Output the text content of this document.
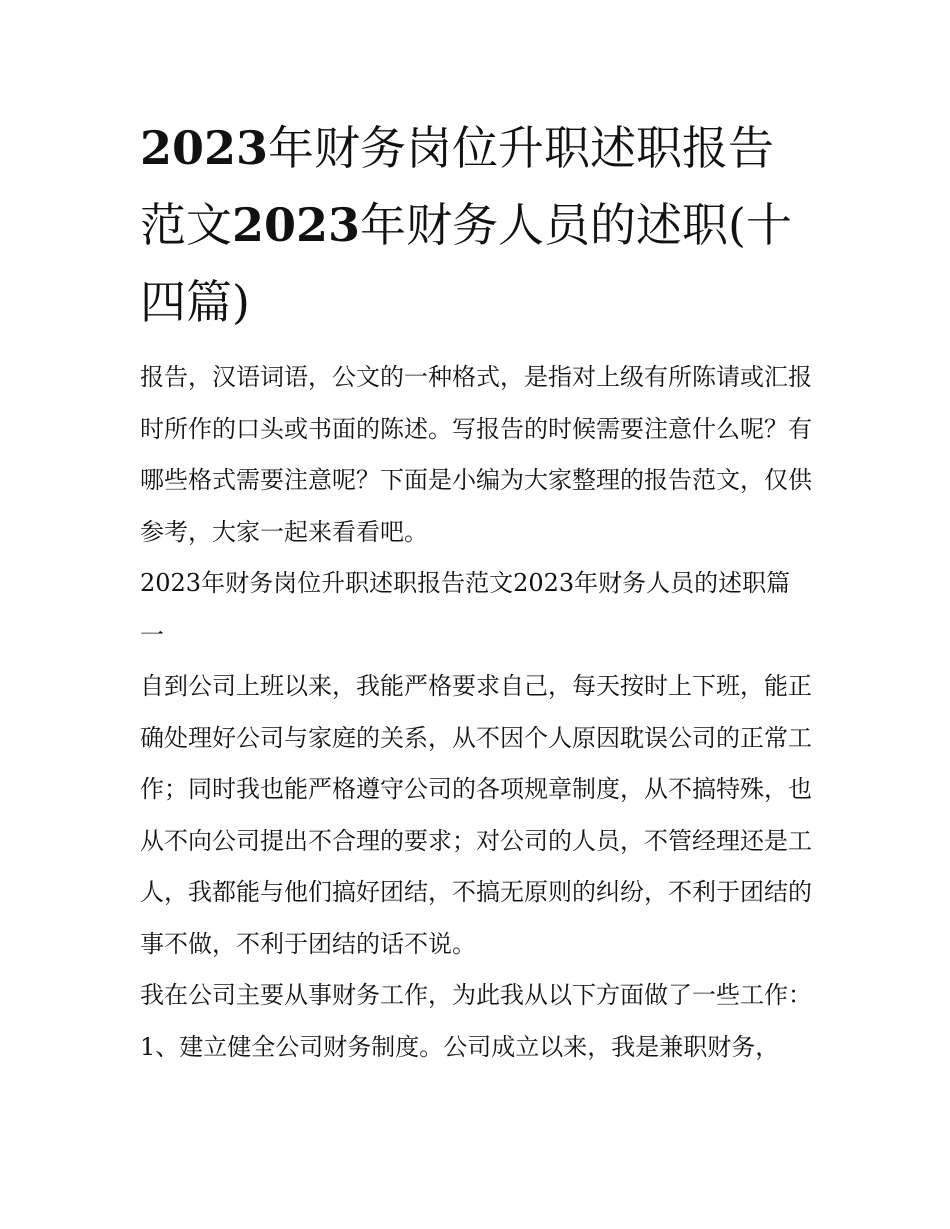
2023年财务岗位升职述职报告范文2023年财务人员的述职(十四篇)

报告，汉语词语，公文的一种格式，是指对上级有所陈请或汇报时所作的口头或书面的陈述。写报告的时候需要注意什么呢？有哪些格式需要注意呢？下面是小编为大家整理的报告范文，仅供参考，大家一起来看看吧。

2023年财务岗位升职述职报告范文2023年财务人员的述职篇一

自到公司上班以来，我能严格要求自己，每天按时上下班，能正确处理好公司与家庭的关系，从不因个人原因耽误公司的正常工作；同时我也能严格遵守公司的各项规章制度，从不搞特殊，也从不向公司提出不合理的要求；对公司的人员，不管经理还是工人，我都能与他们搞好团结，不搞无原则的纠纷，不利于团结的事不做，不利于团结的话不说。

我在公司主要从事财务工作，为此我从以下方面做了一些工作：

1、建立健全公司财务制度。公司成立以来，我是兼职财务，
